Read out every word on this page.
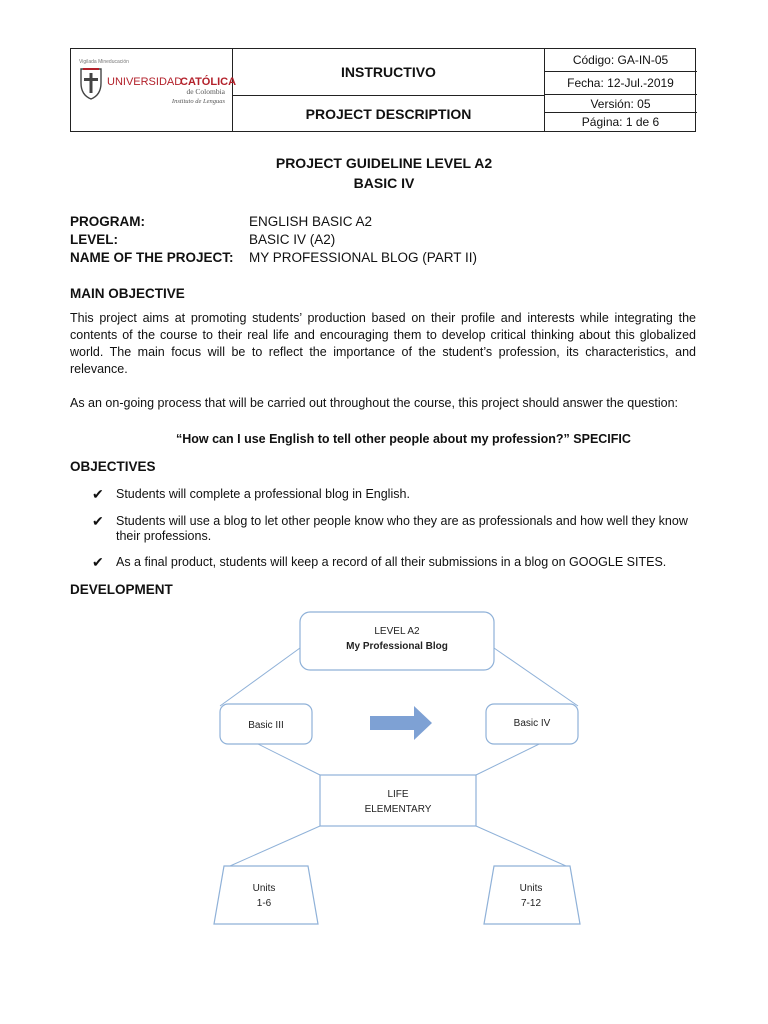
Vigilada Mineducación
UNIVERSIDAD
CATÓLICA
de Colombia
Instituto de Lenguas
INSTRUCTIVO
PROJECT DESCRIPTION
Código: GA-IN-05
Fecha: 12-Jul.-2019
Versión: 05
Página: 1 de 6
PROJECT GUIDELINE LEVEL A2
BASIC IV
PROGRAM:	ENGLISH BASIC A2
LEVEL:	BASIC IV (A2)
NAME OF THE PROJECT: MY PROFESSIONAL BLOG (PART II)
MAIN OBJECTIVE
This project aims at promoting students’ production based on their profile and interests while integrating the contents of the course to their real life and encouraging them to develop critical thinking about this globalized world. The main focus will be to reflect the importance of the student’s profession, its characteristics, and relevance.
As an on-going process that will be carried out throughout the course, this project should answer the question:
“How can I use English to tell other people about my profession?” SPECIFIC
OBJECTIVES
✔ Students will complete a professional blog in English.
✔ Students will use a blog to let other people know who they are as professionals and how well they know their professions.
✔ As a final product, students will keep a record of all their submissions in a blog on GOOGLE SITES.
DEVELOPMENT
LEVEL A2
My Professional Blog
Basic III	Basic IV
LIFE
ELEMENTARY
Units
1-6
Units
7-12
